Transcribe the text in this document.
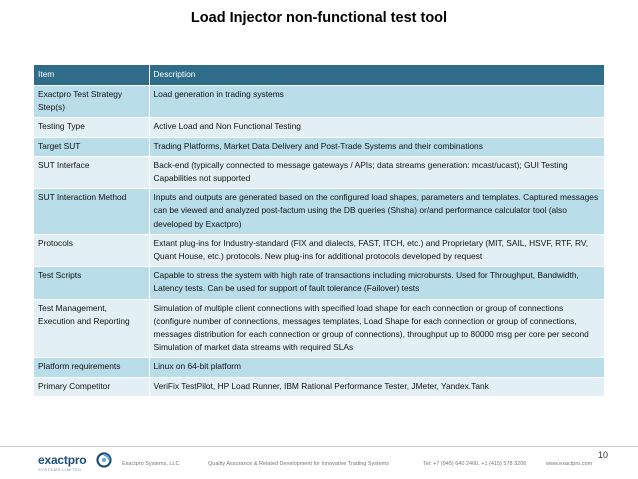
Load Injector non-functional test tool
Item	Description
Exactpro Test Strategy Step(s)	Load generation in trading systems
Testing Type	Active Load and Non Functional Testing
Target SUT	Trading Platforms, Market Data Delivery and Post-Trade Systems and their combinations
SUT Interface	Back-end (typically connected to message gateways / APIs; data streams generation: mcast/ucast); GUI Testing Capabilities not supported
SUT Interaction Method	Inputs and outputs are generated based on the configured load shapes, parameters and templates. Captured messages can be viewed and analyzed post-factum using the DB queries (Shsha) or/and performance calculator tool (also developed by Exactpro)
Protocols	Extant plug-ins for Industry-standard (FIX and dialects, FAST, ITCH, etc.) and Proprietary (MIT, SAIL, HSVF, RTF, RV, Quant House, etc.) protocols. New plug-ins for additional protocols developed by request
Test Scripts	Capable to stress the system with high rate of transactions including microbursts. Used for Throughput, Bandwidth, Latency tests. Can be used for support of fault tolerance (Failover) tests
Test Management, Execution and Reporting	Simulation of multiple client connections with specified load shape for each connection or group of connections (configure number of connections, messages templates, Load Shape for each connection or group of connections, messages distribution for each connection or group of connections), throughput up to 80000 msg per core per second
Simulation of market data streams with required SLAs
Platform requirements	Linux on 64-bit platform
Primary Competitor	VeriFix TestPilot, HP Load Runner, IBM Rational Performance Tester, JMeter, Yandex.Tank
exactpro
SYSTEMS LIMITED
Exactpro Systems, LLC	Quality Assurance & Related Development for Innovative Trading Systems	Tel: +7 (945) 640 2460, +1 (415) 578 3206	www.exactpro.com
10
